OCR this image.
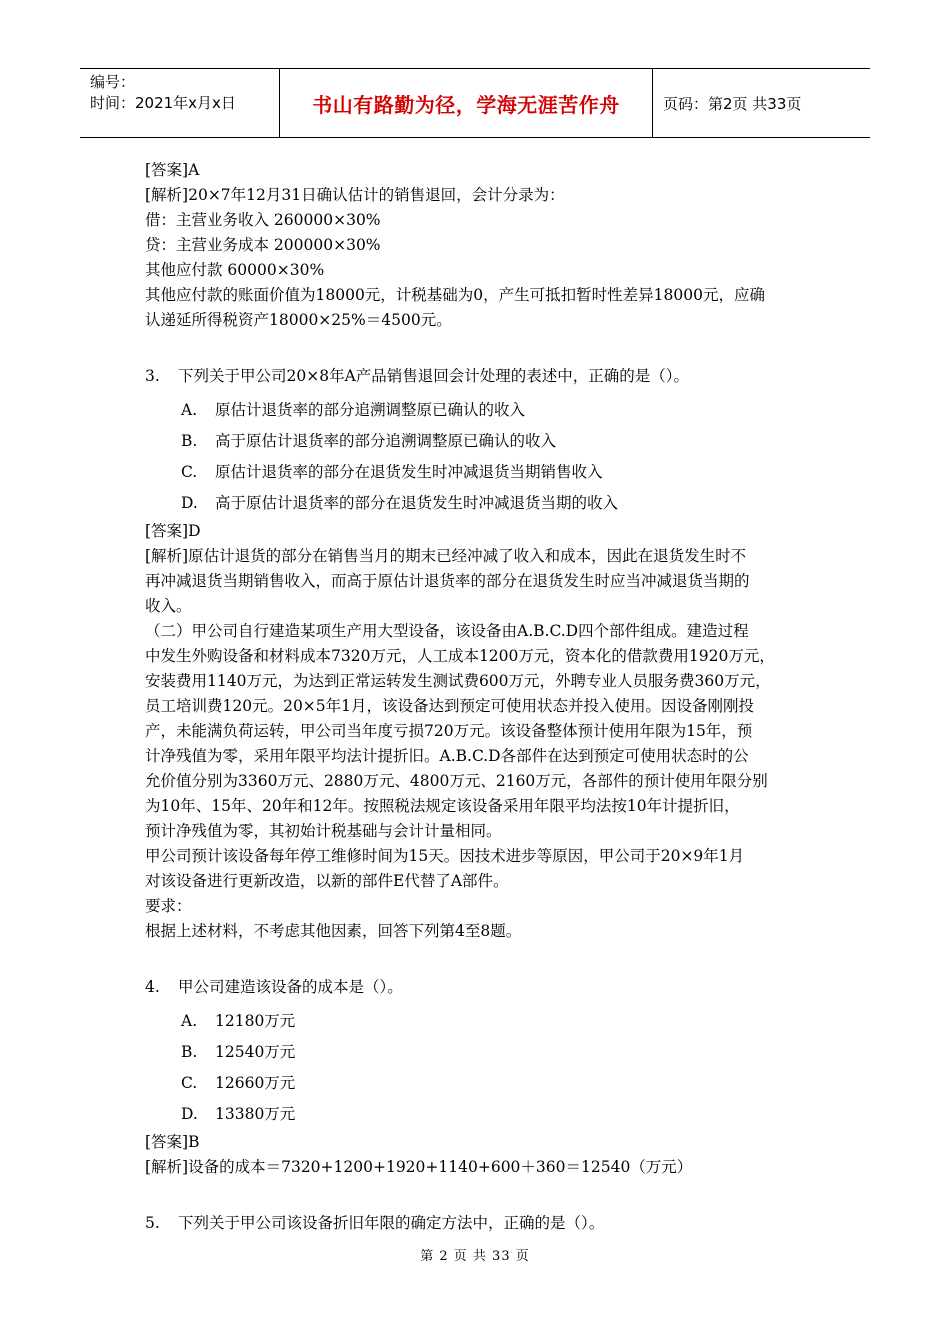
编号：
时间：2021年x月x日	书山有路勤为径，学海无涯苦作舟	页码：第2页 共33页

[答案]A

[解析]20×7年12月31日确认估计的销售退回，会计分录为：

借：主营业务收入 260000×30%

贷：主营业务成本 200000×30%

其他应付款 60000×30%

其他应付款的账面价值为18000元，计税基础为0，产生可抵扣暂时性差异18000元，应确

认递延所得税资产18000×25%＝4500元。

3. 下列关于甲公司20×8年A产品销售退回会计处理的表述中，正确的是（）。

A. 原估计退货率的部分追溯调整原已确认的收入

B. 高于原估计退货率的部分追溯调整原已确认的收入

C. 原估计退货率的部分在退货发生时冲减退货当期销售收入

D. 高于原估计退货率的部分在退货发生时冲减退货当期的收入

[答案]D

[解析]原估计退货的部分在销售当月的期末已经冲减了收入和成本，因此在退货发生时不

再冲减退货当期销售收入，而高于原估计退货率的部分在退货发生时应当冲减退货当期的

收入。

（二）甲公司自行建造某项生产用大型设备，该设备由A.B.C.D四个部件组成。建造过程

中发生外购设备和材料成本7320万元，人工成本1200万元，资本化的借款费用1920万元，

安装费用1140万元，为达到正常运转发生测试费600万元，外聘专业人员服务费360万元，

员工培训费120元。20×5年1月，该设备达到预定可使用状态并投入使用。因设备刚刚投

产，未能满负荷运转，甲公司当年度亏损720万元。该设备整体预计使用年限为15年，预

计净残值为零，采用年限平均法计提折旧。A.B.C.D各部件在达到预定可使用状态时的公

允价值分别为3360万元、2880万元、4800万元、2160万元，各部件的预计使用年限分别

为10年、15年、20年和12年。按照税法规定该设备采用年限平均法按10年计提折旧，

预计净残值为零，其初始计税基础与会计计量相同。

甲公司预计该设备每年停工维修时间为15天。因技术进步等原因，甲公司于20×9年1月

对该设备进行更新改造，以新的部件E代替了A部件。

要求：

根据上述材料，不考虑其他因素，回答下列第4至8题。

4. 甲公司建造该设备的成本是（）。

A. 12180万元

B. 12540万元

C. 12660万元

D. 13380万元

[答案]B

[解析]设备的成本＝7320+1200+1920+1140+600＋360＝12540（万元）

5. 下列关于甲公司该设备折旧年限的确定方法中，正确的是（）。

第 2 页 共 33 页
